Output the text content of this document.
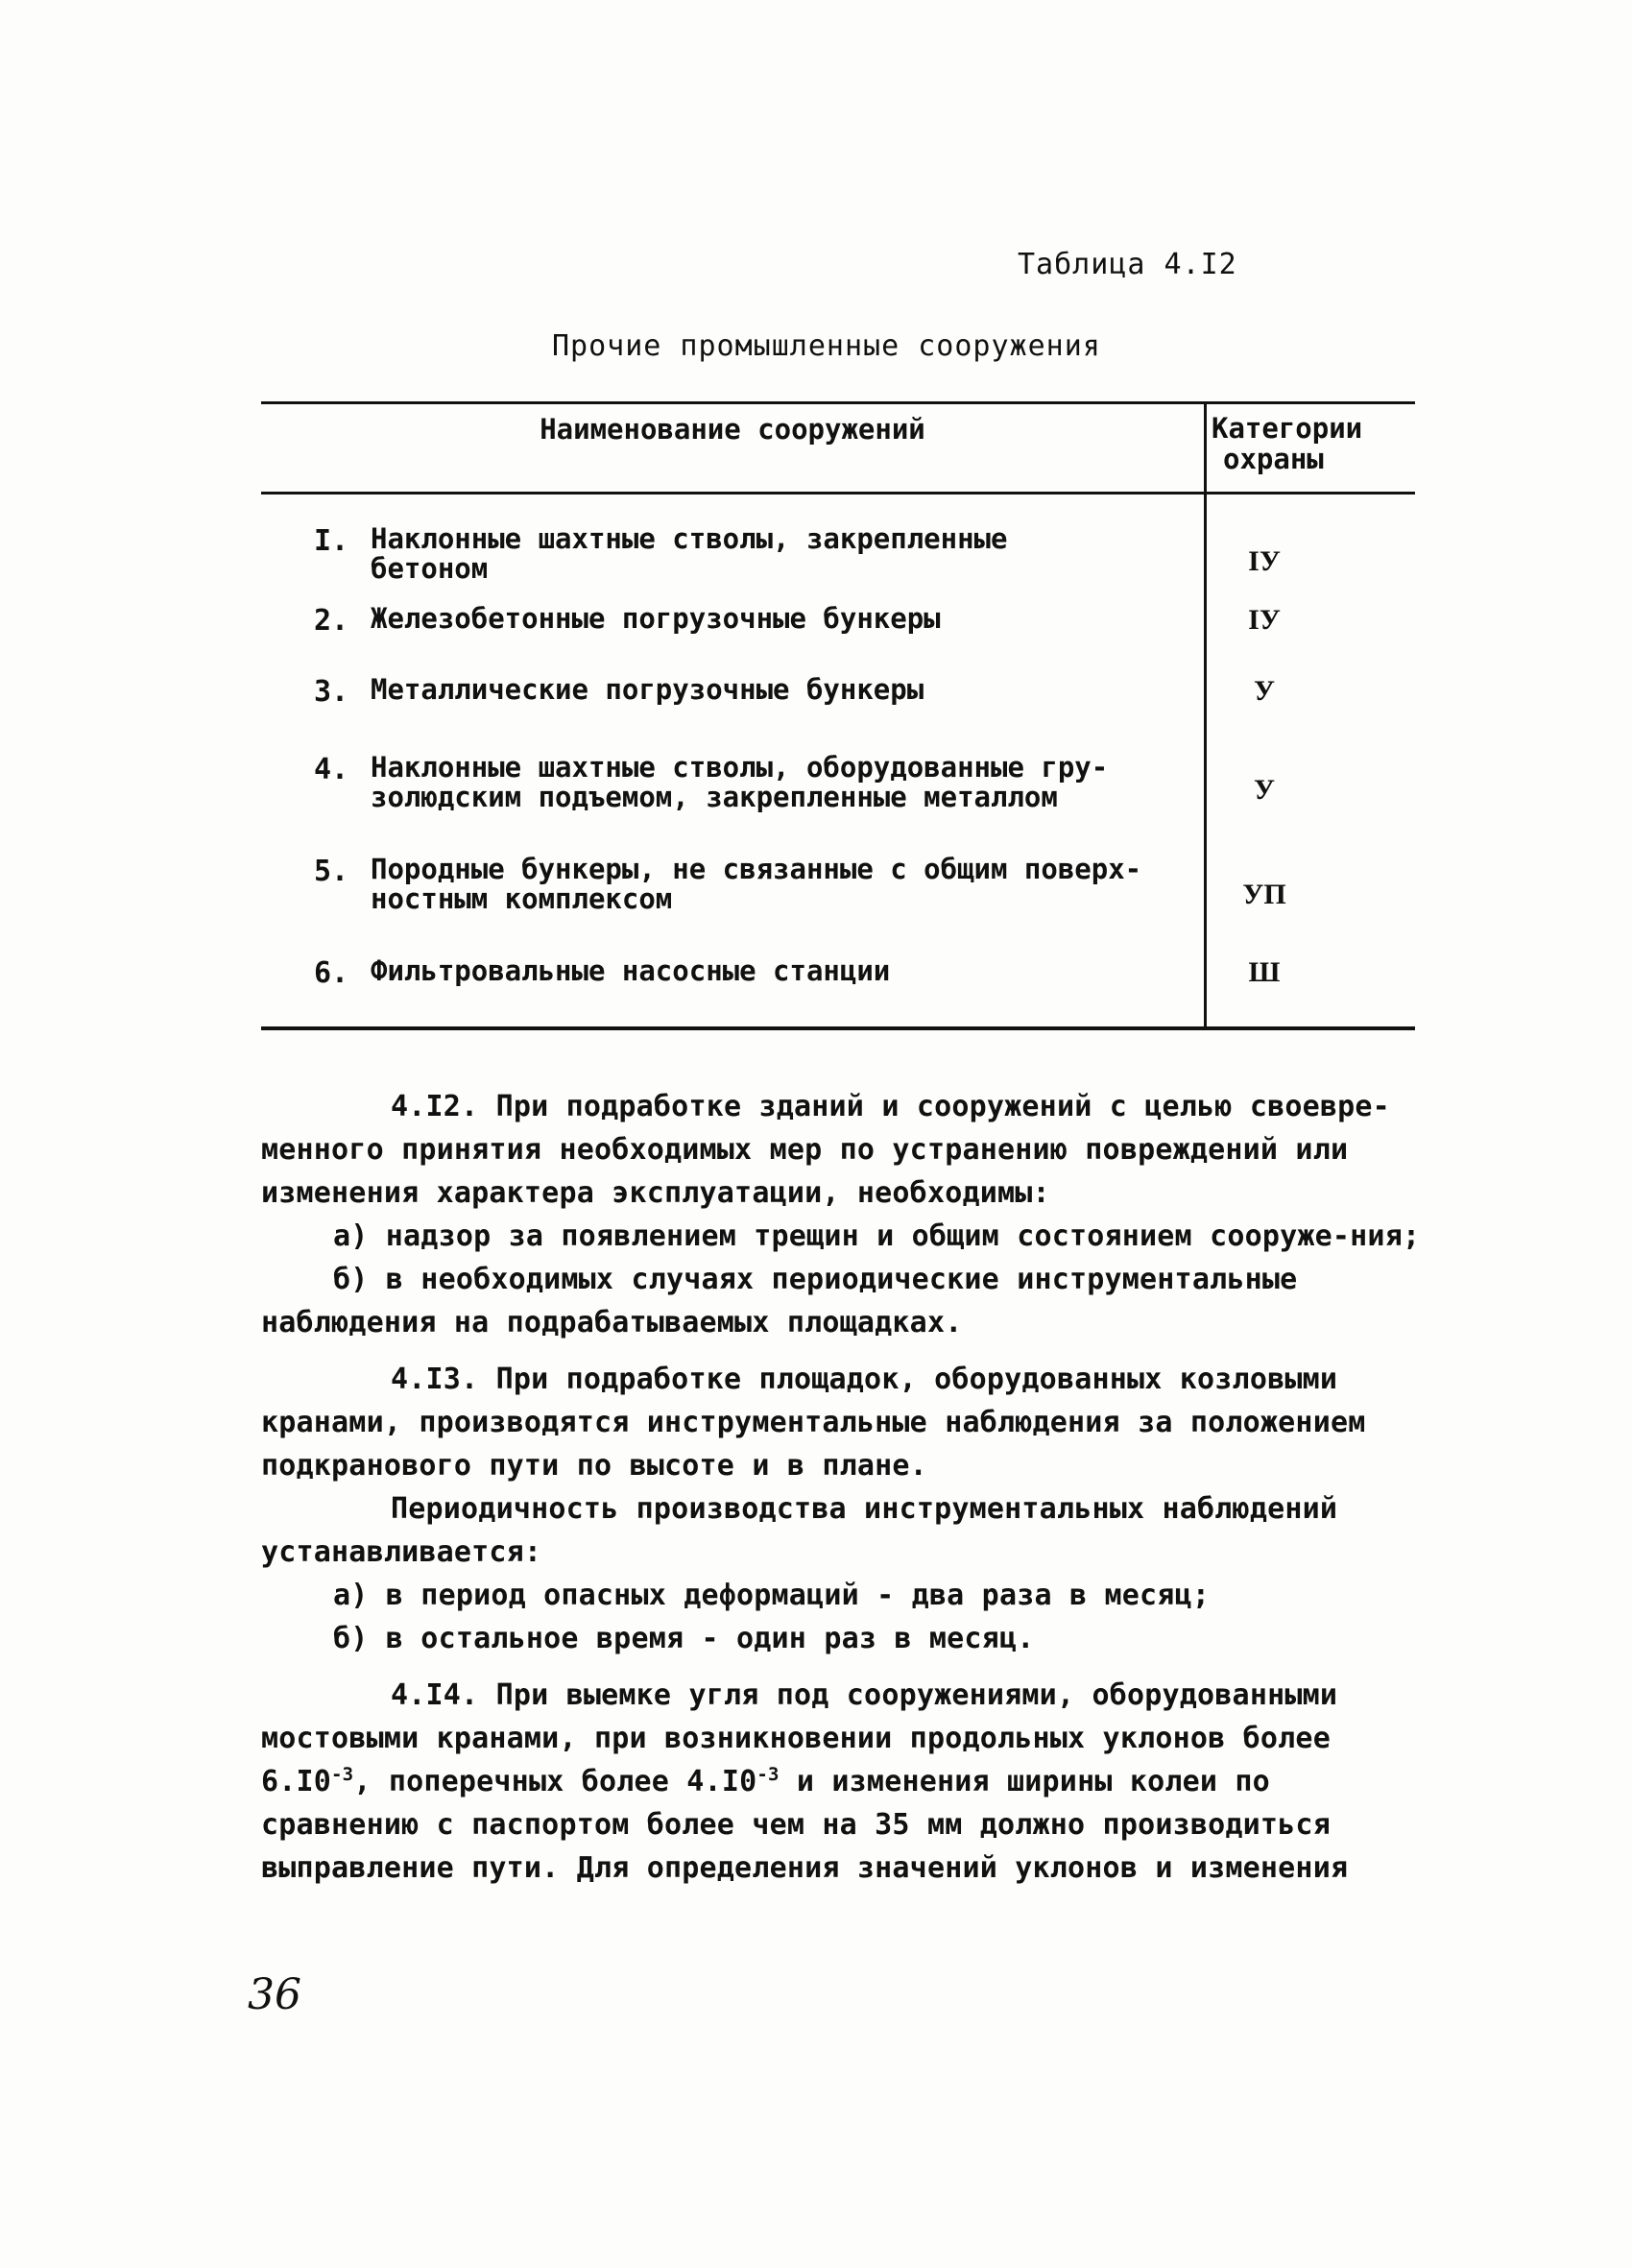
Таблица 4.I2
Прочие промышленные сооружения
Наименование сооружений	Категории
охраны
I. Наклонные шахтные стволы, закрепленные
бетоном	IУ
2. Железобетонные погрузочные бункеры	IУ
3. Металлические погрузочные бункеры	У
4. Наклонные шахтные стволы, оборудованные гру-
золюдским подъемом, закрепленные металлом	У
5. Породные бункеры, не связанные с общим поверх-
ностным комплексом	УП
6. Фильтровальные насосные станции	Ш

4.I2. При подработке зданий и сооружений с целью своевре-менного принятия необходимых мер по устранению повреждений или изменения характера эксплуатации, необходимы:

а) надзор за появлением трещин и общим состоянием сооруже-ния;

б) в необходимых случаях периодические инструментальные наблюдения на подрабатываемых площадках.

4.I3. При подработке площадок, оборудованных козловыми кранами, производятся инструментальные наблюдения за положением подкранового пути по высоте и в плане.

Периодичность производства инструментальных наблюдений устанавливается:

а) в период опасных деформаций - два раза в месяц;

б) в остальное время - один раз в месяц.

4.I4. При выемке угля под сооружениями, оборудованными мостовыми кранами, при возникновении продольных уклонов более $6.I0^{-3}$, поперечных более $4.I0^{-3}$ и изменения ширины колеи по сравнению с паспортом более чем на 35 мм должно производиться выправление пути. Для определения значений уклонов и изменения

36
